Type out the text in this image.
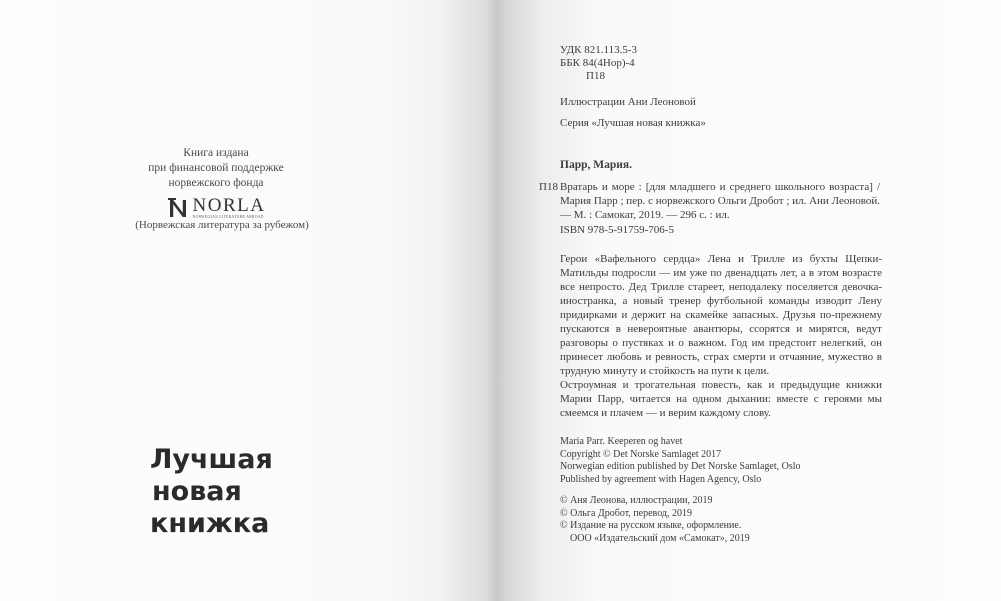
Книга издана
при финансовой поддержке
норвежского фонда
NORLA
NORWEGIAN LITERATURE ABROAD
(Норвежская литература за рубежом)
Лучшая
новая
книжка
УДК 821.113.5-3
ББК 84(4Нор)-4
П18
Иллюстрации Ани Леоновой
Серия «Лучшая новая книжка»
Парр, Мария.
П18 Вратарь и море : [для младшего и среднего школьного возраста] / Мария Парр ; пер. с норвежского Ольги Дробот ; ил. Ани Леоновой. — М. : Самокат, 2019. — 296 с. : ил.
ISBN 978-5-91759-706-5

Герои «Вафельного сердца» Лена и Трилле из бухты Щепки-Матильды подросли — им уже по двенадцать лет, а в этом возрасте все непросто. Дед Трилле стареет, неподалеку поселяется девочка-иностранка, а новый тренер футбольной команды изводит Лену придирками и держит на скамейке запасных. Друзья по-прежнему пускаются в невероятные авантюры, ссорятся и мирятся, ведут разговоры о пустяках и о важном. Год им предстоит нелегкий, он принесет любовь и ревность, страх смерти и отчаяние, мужество в трудную минуту и стойкость на пути к цели.

Остроумная и трогательная повесть, как и предыдущие книжки Марии Парр, читается на одном дыхании: вместе с героями мы смеемся и плачем — и верим каждому слову.

Maria Parr. Keeperen og havet
Copyright © Det Norske Samlaget 2017
Norwegian edition published by Det Norske Samlaget, Oslo
Published by agreement with Hagen Agency, Oslo
© Аня Леонова, иллюстрации, 2019
© Ольга Дробот, перевод, 2019
© Издание на русском языке, оформление.
ООО «Издательский дом «Самокат», 2019
